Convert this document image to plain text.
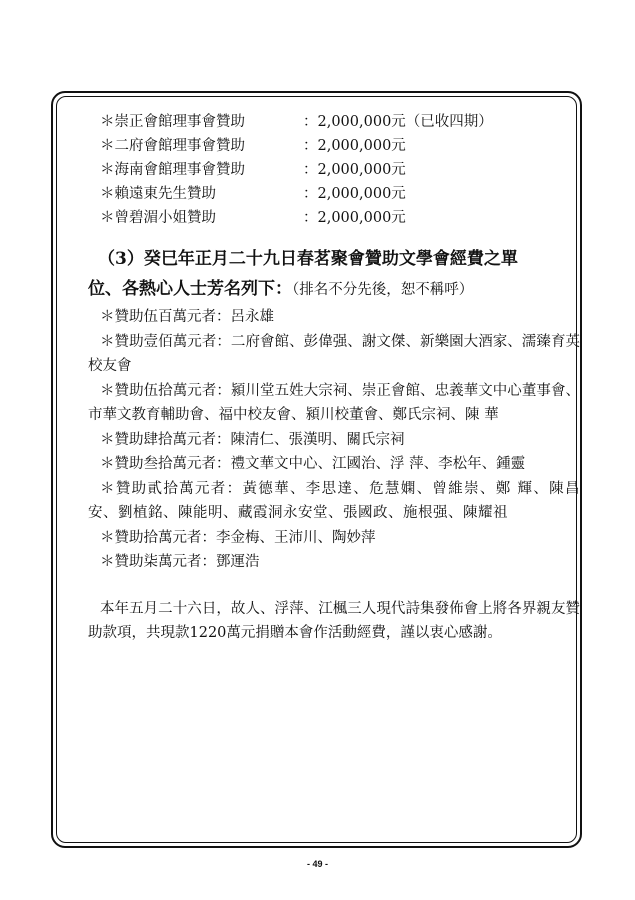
＊崇正會館理事會贊助	：2,000,000元（已收四期）
＊二府會館理事會贊助	：2,000,000元
＊海南會館理事會贊助	：2,000,000元
＊賴遠東先生贊助	：2,000,000元
＊曾碧湄小姐贊助	：2,000,000元
（3）癸巳年正月二十九日春茗聚會贊助文學會經費之單
位、各熱心人士芳名列下：（排名不分先後，恕不稱呼）

＊贊助伍百萬元者：呂永雄

＊贊助壹佰萬元者：二府會館、彭偉强、謝文傑、新樂園大酒家、濡臻育英校友會

＊贊助伍拾萬元者：潁川堂五姓大宗祠、崇正會館、忠義華文中心董事會、市華文教育輔助會、福中校友會、潁川校董會、鄭氏宗祠、陳 華

＊贊助肆拾萬元者：陳清仁、張漢明、關氏宗祠

＊贊助叁拾萬元者：禮文華文中心、江國治、浮 萍、李松年、鍾靈

＊贊助貳拾萬元者：黃德華、李思達、危慧嫻、曾維崇、鄭 輝、陳昌安、劉植銘、陳能明、藏霞洞永安堂、張國政、施根强、陳耀祖

＊贊助拾萬元者：李金梅、王沛川、陶妙萍

＊贊助柒萬元者：鄧運浩

本年五月二十六日，故人、浮萍、江楓三人現代詩集發佈會上將各界親友贊助款項，共現款1220萬元捐贈本會作活動經費，謹以衷心感謝。

- 49 -
